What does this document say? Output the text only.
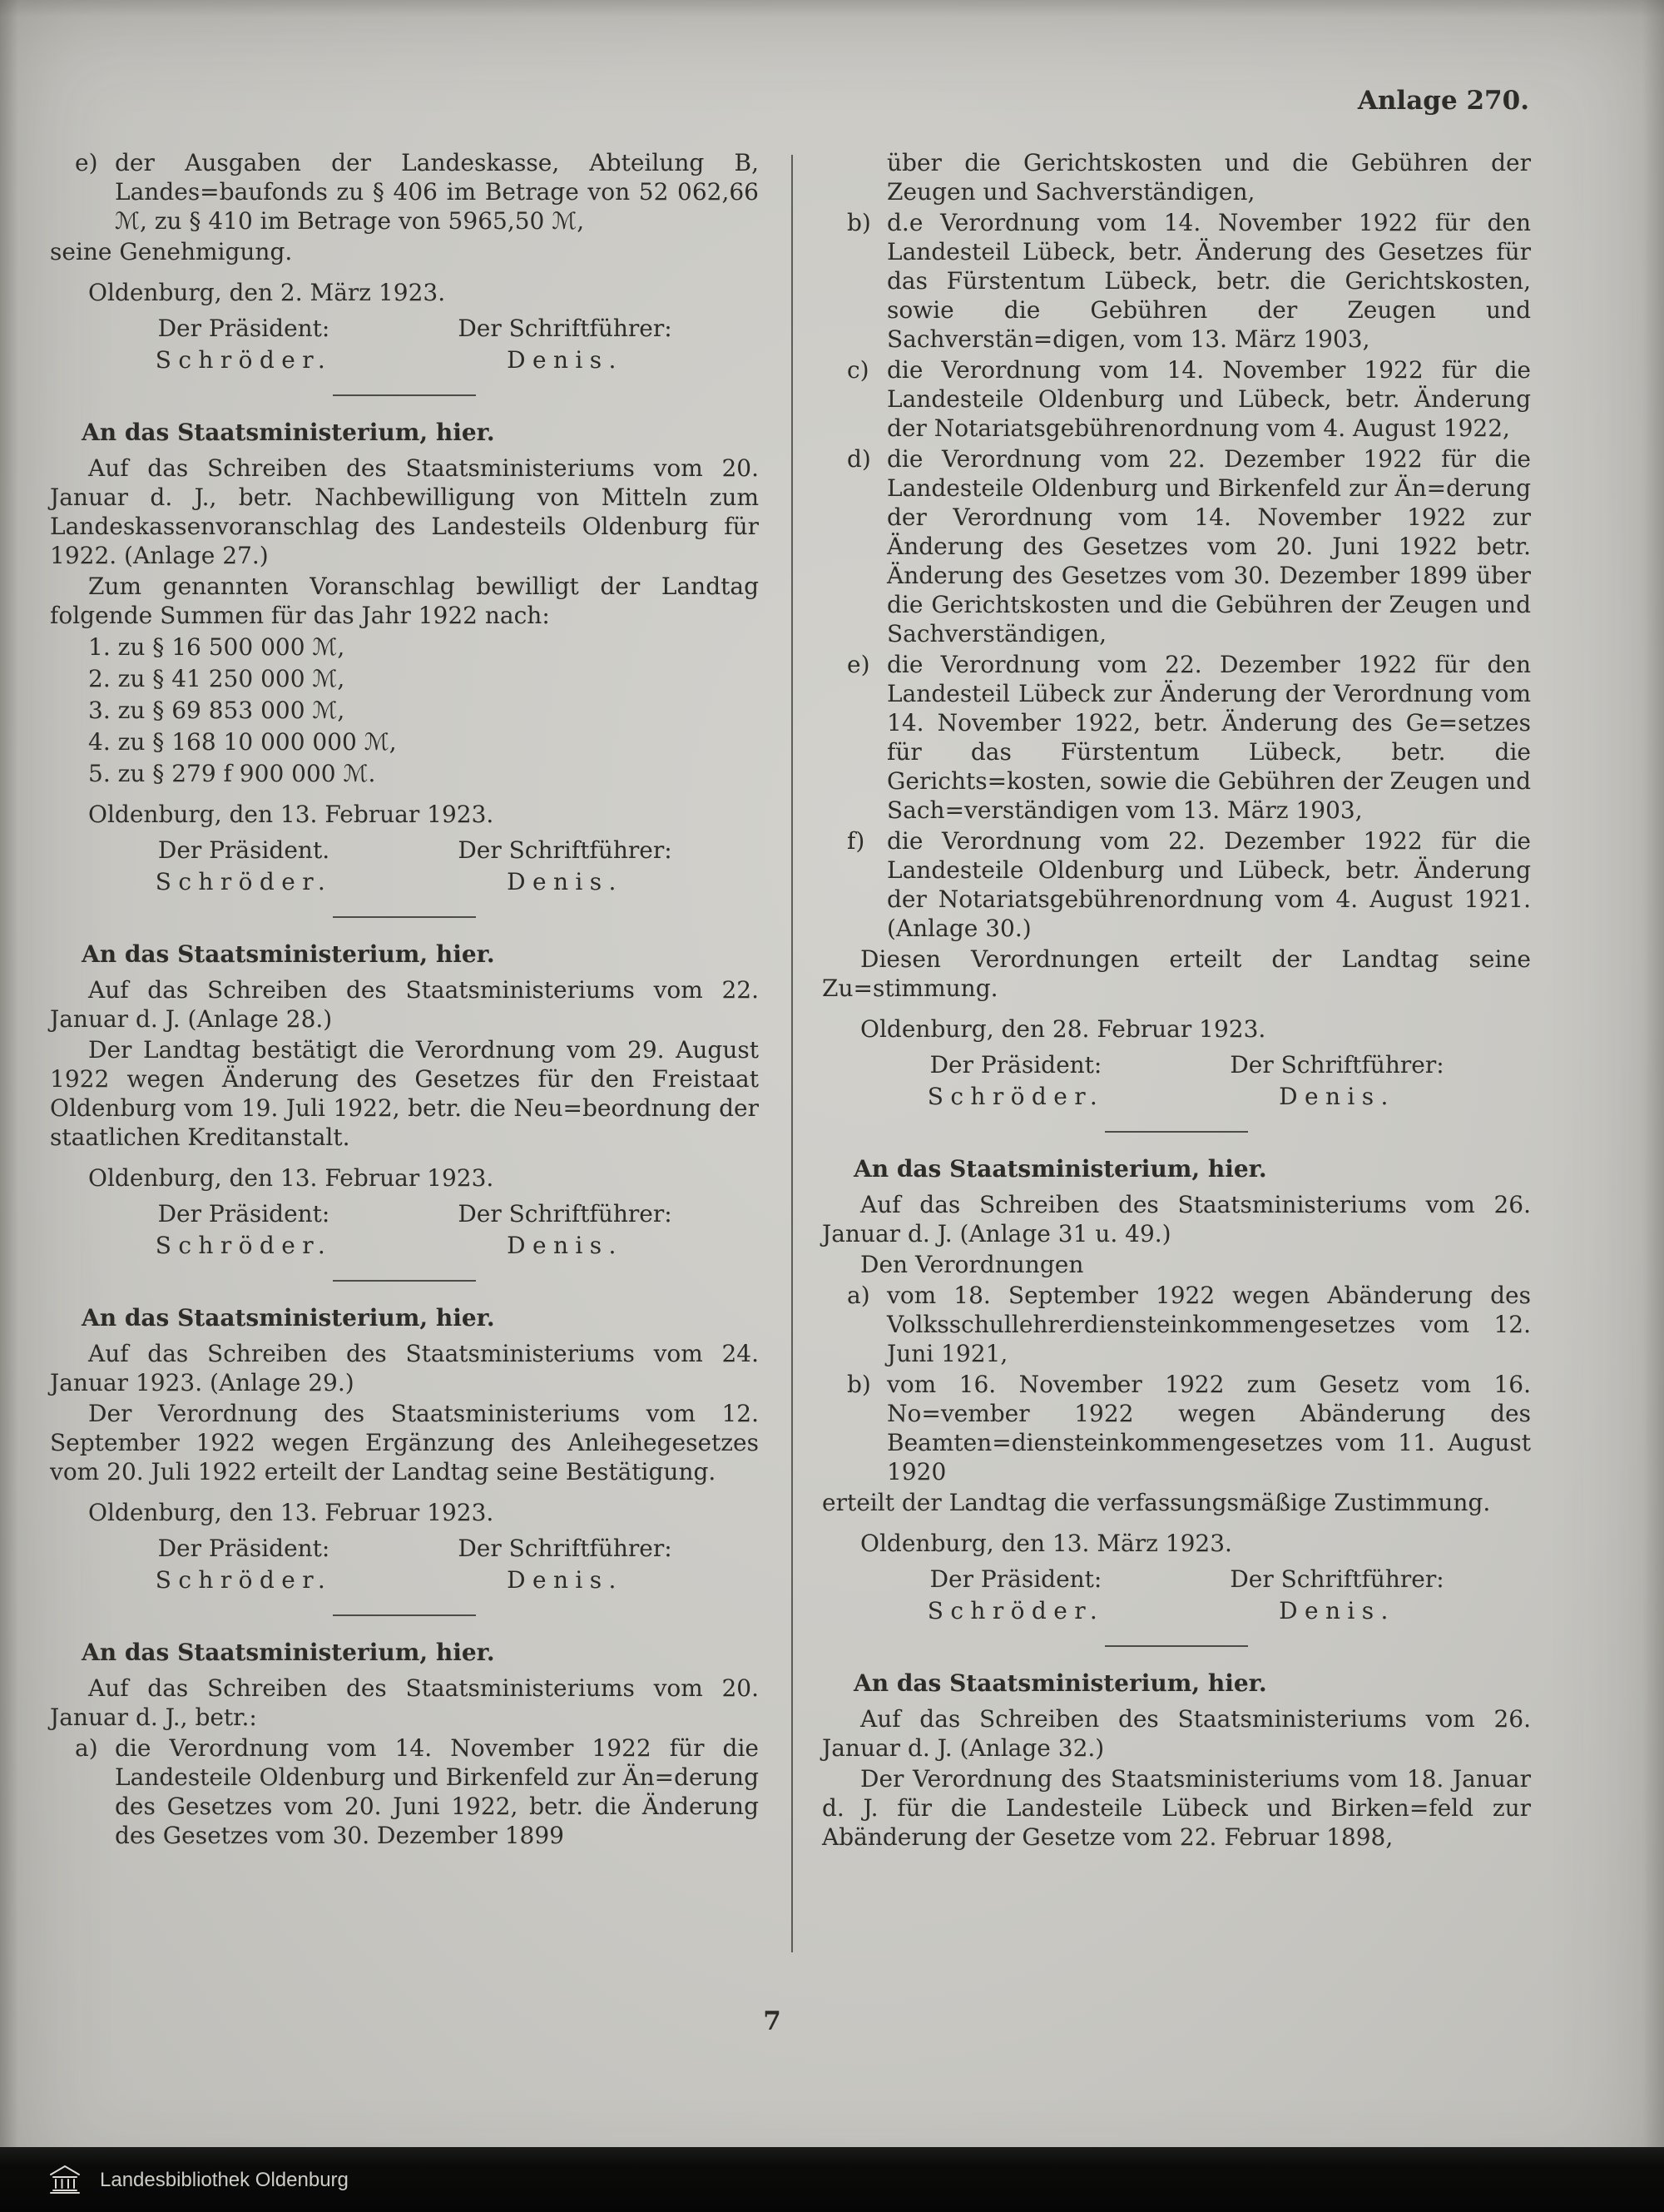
Anlage 270.
e) der Ausgaben der Landeskasse, Abteilung B, Landes=baufonds zu § 406 im Betrage von 52 062,66 ℳ, zu § 410 im Betrage von 5965,50 ℳ,

seine Genehmigung.

Oldenburg, den 2. März 1923.

Der Präsident:
Schröder.
Der Schriftführer:
Denis.
An das Staatsministerium, hier.

Auf das Schreiben des Staatsministeriums vom 20. Januar d. J., betr. Nachbewilligung von Mitteln zum Landeskassenvoranschlag des Landesteils Oldenburg für 1922. (Anlage 27.)

Zum genannten Voranschlag bewilligt der Landtag folgende Summen für das Jahr 1922 nach:

1. zu § 16 500 000 ℳ,
2. zu § 41 250 000 ℳ,
3. zu § 69 853 000 ℳ,
4. zu § 168 10 000 000 ℳ,
5. zu § 279 f 900 000 ℳ.

Oldenburg, den 13. Februar 1923.

Der Präsident.
Schröder.
Der Schriftführer:
Denis.
An das Staatsministerium, hier.

Auf das Schreiben des Staatsministeriums vom 22. Januar d. J. (Anlage 28.)

Der Landtag bestätigt die Verordnung vom 29. August 1922 wegen Änderung des Gesetzes für den Freistaat Oldenburg vom 19. Juli 1922, betr. die Neu=beordnung der staatlichen Kreditanstalt.

Oldenburg, den 13. Februar 1923.

Der Präsident:
Schröder.
Der Schriftführer:
Denis.
An das Staatsministerium, hier.

Auf das Schreiben des Staatsministeriums vom 24. Januar 1923. (Anlage 29.)

Der Verordnung des Staatsministeriums vom 12. September 1922 wegen Ergänzung des Anleihegesetzes vom 20. Juli 1922 erteilt der Landtag seine Bestätigung.

Oldenburg, den 13. Februar 1923.

Der Präsident:
Schröder.
Der Schriftführer:
Denis.
An das Staatsministerium, hier.

Auf das Schreiben des Staatsministeriums vom 20. Januar d. J., betr.:

a) die Verordnung vom 14. November 1922 für die Landesteile Oldenburg und Birkenfeld zur Än=derung des Gesetzes vom 20. Juni 1922, betr. die Änderung des Gesetzes vom 30. Dezember 1899

über die Gerichtskosten und die Gebühren der Zeugen und Sachverständigen,

b) d.e Verordnung vom 14. November 1922 für den Landesteil Lübeck, betr. Änderung des Gesetzes für das Fürstentum Lübeck, betr. die Gerichtskosten, sowie die Gebühren der Zeugen und Sachverstän=digen, vom 13. März 1903,
c) die Verordnung vom 14. November 1922 für die Landesteile Oldenburg und Lübeck, betr. Änderung der Notariatsgebührenordnung vom 4. August 1922,
d) die Verordnung vom 22. Dezember 1922 für die Landesteile Oldenburg und Birkenfeld zur Än=derung der Verordnung vom 14. November 1922 zur Änderung des Gesetzes vom 20. Juni 1922 betr. Änderung des Gesetzes vom 30. Dezember 1899 über die Gerichtskosten und die Gebühren der Zeugen und Sachverständigen,
e) die Verordnung vom 22. Dezember 1922 für den Landesteil Lübeck zur Änderung der Verordnung vom 14. November 1922, betr. Änderung des Ge=setzes für das Fürstentum Lübeck, betr. die Gerichts=kosten, sowie die Gebühren der Zeugen und Sach=verständigen vom 13. März 1903,
f) die Verordnung vom 22. Dezember 1922 für die Landesteile Oldenburg und Lübeck, betr. Änderung der Notariatsgebührenordnung vom 4. August 1921. (Anlage 30.)

Diesen Verordnungen erteilt der Landtag seine Zu=stimmung.

Oldenburg, den 28. Februar 1923.

Der Präsident:
Schröder.
Der Schriftführer:
Denis.
An das Staatsministerium, hier.

Auf das Schreiben des Staatsministeriums vom 26. Januar d. J. (Anlage 31 u. 49.)

Den Verordnungen

a) vom 18. September 1922 wegen Abänderung des Volksschullehrerdiensteinkommengesetzes vom 12. Juni 1921,
b) vom 16. November 1922 zum Gesetz vom 16. No=vember 1922 wegen Abänderung des Beamten=diensteinkommengesetzes vom 11. August 1920

erteilt der Landtag die verfassungsmäßige Zustimmung.

Oldenburg, den 13. März 1923.

Der Präsident:
Schröder.
Der Schriftführer:
Denis.
An das Staatsministerium, hier.

Auf das Schreiben des Staatsministeriums vom 26. Januar d. J. (Anlage 32.)

Der Verordnung des Staatsministeriums vom 18. Januar d. J. für die Landesteile Lübeck und Birken=feld zur Abänderung der Gesetze vom 22. Februar 1898,

7
Landesbibliothek Oldenburg
